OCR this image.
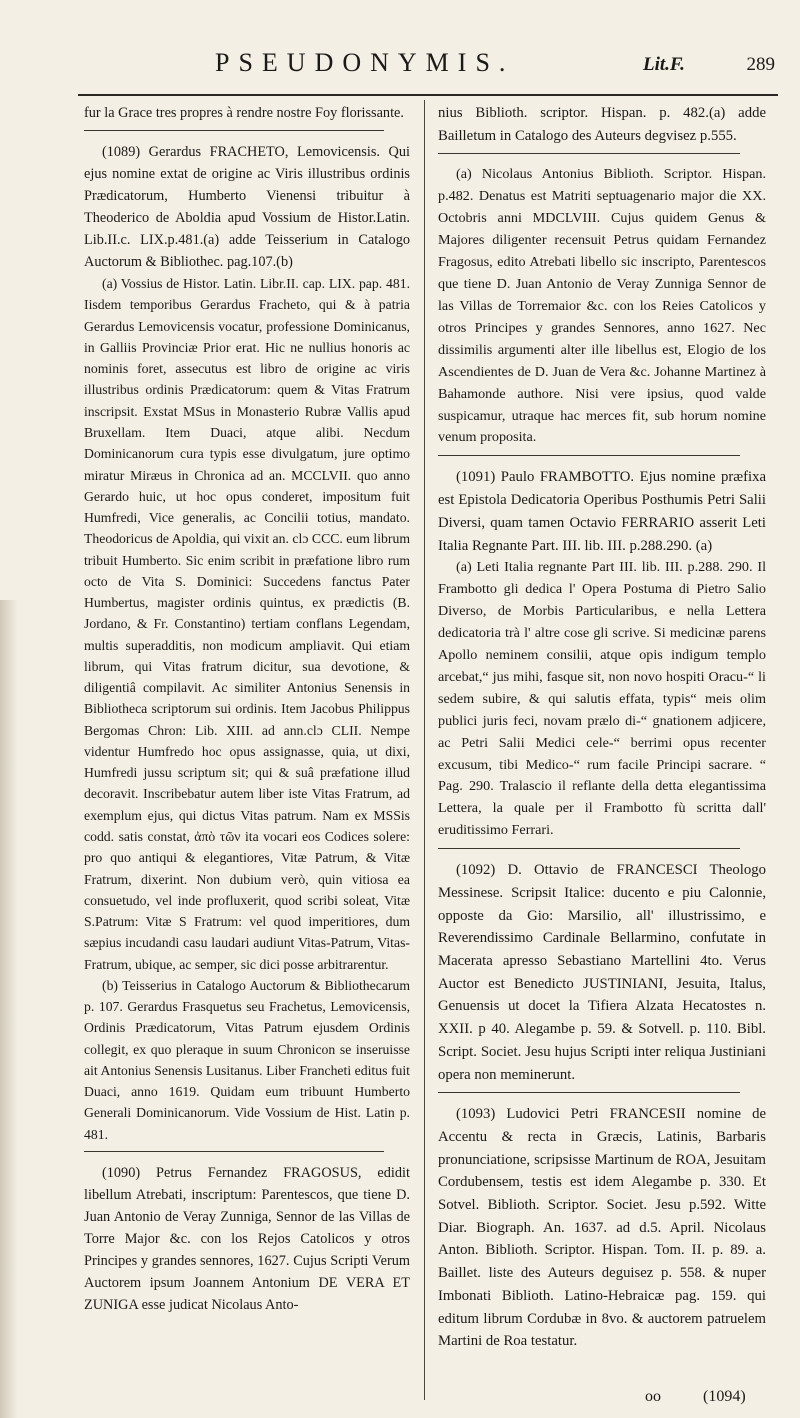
PSEUDONYMIS.	Lit.F.	289

fur la Grace tres propres à rendre nostre Foy florissante.

(1089) Gerardus FRACHETO, Lemovicensis. Qui ejus nomine extat de origine ac Viris illustribus ordinis Prædicatorum, Humberto Vienensi tribuitur à Theoderico de Aboldia apud Vossium de Histor.Latin. Lib.II.c. LIX.p.481.(a) adde Teisserium in Catalogo Auctorum & Bibliothec. pag.107.(b)

(a) Vossius de Histor. Latin. Libr.II. cap. LIX. pap. 481. Iisdem temporibus Gerardus Fracheto, qui & à patria Gerardus Lemovicensis vocatur, professione Dominicanus, in Galliis Provinciæ Prior erat. Hic ne nullius honoris ac nominis foret, assecutus est libro de origine ac viris illustribus ordinis Prædicatorum: quem & Vitas Fratrum inscripsit. Exstat MSus in Monasterio Rubræ Vallis apud Bruxellam. Item Duaci, atque alibi. Necdum Dominicanorum cura typis esse divulgatum, jure optimo miratur Miræus in Chronica ad an. MCCLVII. quo anno Gerardo huic, ut hoc opus conderet, impositum fuit Humfredi, Vice generalis, ac Concilii totius, mandato. Theodoricus de Apoldia, qui vixit an. clɔ CCC. eum librum tribuit Humberto. Sic enim scribit in præfatione libro rum octo de Vita S. Dominici: Succedens fanctus Pater Humbertus, magister ordinis quintus, ex prædictis (B. Jordano, & Fr. Constantino) tertiam conflans Legendam, multis superadditis, non modicum ampliavit. Qui etiam librum, qui Vitas fratrum dicitur, sua devotione, & diligentiâ compilavit. Ac similiter Antonius Senensis in Bibliotheca scriptorum sui ordinis. Item Jacobus Philippus Bergomas Chron: Lib. XIII. ad ann.clɔ CLII. Nempe videntur Humfredo hoc opus assignasse, quia, ut dixi, Humfredi jussu scriptum sit; qui & suâ præfatione illud decoravit. Inscribebatur autem liber iste Vitas Fratrum, ad exemplum ejus, qui dictus Vitas patrum. Nam ex MSSis codd. satis constat, ἀπὸ τῶν ita vocari eos Codices solere: pro quo antiqui & elegantiores, Vitæ Patrum, & Vitæ Fratrum, dixerint. Non dubium verò, quin vitiosa ea consuetudo, vel inde profluxerit, quod scribi soleat, Vitæ S.Patrum: Vitæ S Fratrum: vel quod imperitiores, dum sæpius incudandi casu laudari audiunt Vitas-Patrum, Vitas-Fratrum, ubique, ac semper, sic dici posse arbitrarentur.

(b) Teisserius in Catalogo Auctorum & Bibliothecarum p. 107. Gerardus Frasquetus seu Frachetus, Lemovicensis, Ordinis Prædicatorum, Vitas Patrum ejusdem Ordinis collegit, ex quo pleraque in suum Chronicon se inseruisse ait Antonius Senensis Lusitanus. Liber Francheti editus fuit Duaci, anno 1619. Quidam eum tribuunt Humberto Generali Dominicanorum. Vide Vossium de Hist. Latin p. 481.

(1090) Petrus Fernandez FRAGOSUS, edidit libellum Atrebati, inscriptum: Parentescos, que tiene D. Juan Antonio de Veray Zunniga, Sennor de las Villas de Torre Major &c. con los Rejos Catolicos y otros Principes y grandes sennores, 1627. Cujus Scripti Verum Auctorem ipsum Joannem Antonium DE VERA ET ZUNIGA esse judicat Nicolaus Anto-

nius Biblioth. scriptor. Hispan. p. 482.(a) adde Bailletum in Catalogo des Auteurs degvisez p.555.

(a) Nicolaus Antonius Biblioth. Scriptor. Hispan. p.482. Denatus est Matriti septuagenario major die XX. Octobris anni MDCLVIII. Cujus quidem Genus & Majores diligenter recensuit Petrus quidam Fernandez Fragosus, edito Atrebati libello sic inscripto, Parentescos que tiene D. Juan Antonio de Veray Zunniga Sennor de las Villas de Torremaior &c. con los Reies Catolicos y otros Principes y grandes Sennores, anno 1627. Nec dissimilis argumenti alter ille libellus est, Elogio de los Ascendientes de D. Juan de Vera &c. Johanne Martinez à Bahamonde authore. Nisi vere ipsius, quod valde suspicamur, utraque hac merces fit, sub horum nomine venum proposita.

(1091) Paulo FRAMBOTTO. Ejus nomine præfixa est Epistola Dedicatoria Operibus Posthumis Petri Salii Diversi, quam tamen Octavio FERRARIO asserit Leti Italia Regnante Part. III. lib. III. p.288.290. (a)

(a) Leti Italia regnante Part III. lib. III. p.288. 290. Il Frambotto gli dedica l' Opera Postuma di Pietro Salio Diverso, de Morbis Particularibus, e nella Lettera dedicatoria trà l' altre cose gli scrive. Si medicinæ parens Apollo neminem consilii, atque opis indigum templo arcebat,“ jus mihi, fasque sit, non novo hospiti Oracu-“ li sedem subire, & qui salutis effata, typis“ meis olim publici juris feci, novam prælo di-“ gnationem adjicere, ac Petri Salii Medici cele-“ berrimi opus recenter excusum, tibi Medico-“ rum facile Principi sacrare. “ Pag. 290. Tralascio il reflante della detta elegantissima Lettera, la quale per il Frambotto fù scritta dall' eruditissimo Ferrari.

(1092) D. Ottavio de FRANCESCI Theologo Messinese. Scripsit Italice: ducento e piu Calonnie, opposte da Gio: Marsilio, all' illustrissimo, e Reverendissimo Cardinale Bellarmino, confutate in Macerata apresso Sebastiano Martellini 4to. Verus Auctor est Benedicto JUSTINIANI, Jesuita, Italus, Genuensis ut docet la Tifiera Alzata Hecatostes n. XXII. p 40. Alegambe p. 59. & Sotvell. p. 110. Bibl. Script. Societ. Jesu hujus Scripti inter reliqua Justiniani opera non meminerunt.

(1093) Ludovici Petri FRANCESII nomine de Accentu & recta in Græcis, Latinis, Barbaris pronunciatione, scripsisse Martinum de ROA, Jesuitam Cordubensem, testis est idem Alegambe p. 330. Et Sotvel. Biblioth. Scriptor. Societ. Jesu p.592. Witte Diar. Biograph. An. 1637. ad d.5. April. Nicolaus Anton. Biblioth. Scriptor. Hispan. Tom. II. p. 89. a. Baillet. liste des Auteurs deguisez p. 558. & nuper Imbonati Biblioth. Latino-Hebraicæ pag. 159. qui editum librum Cordubæ in 8vo. & auctorem patruelem Martini de Roa testatur.

oo	(1094)
